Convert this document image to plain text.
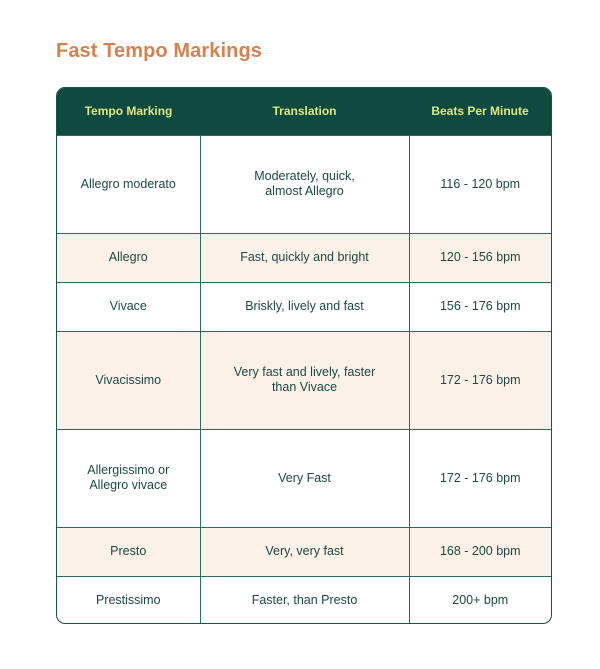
Fast Tempo Markings
Tempo Marking	Translation	Beats Per Minute
Allegro moderato	Moderately, quick, almost Allegro	116 - 120 bpm
Allegro	Fast, quickly and bright	120 - 156 bpm
Vivace	Briskly, lively and fast	156 - 176 bpm
Vivacissimo	Very fast and lively, faster than Vivace	172 - 176 bpm
Allergissimo or Allegro vivace	Very Fast	172 - 176 bpm
Presto	Very, very fast	168 - 200 bpm
Prestissimo	Faster, than Presto	200+ bpm
